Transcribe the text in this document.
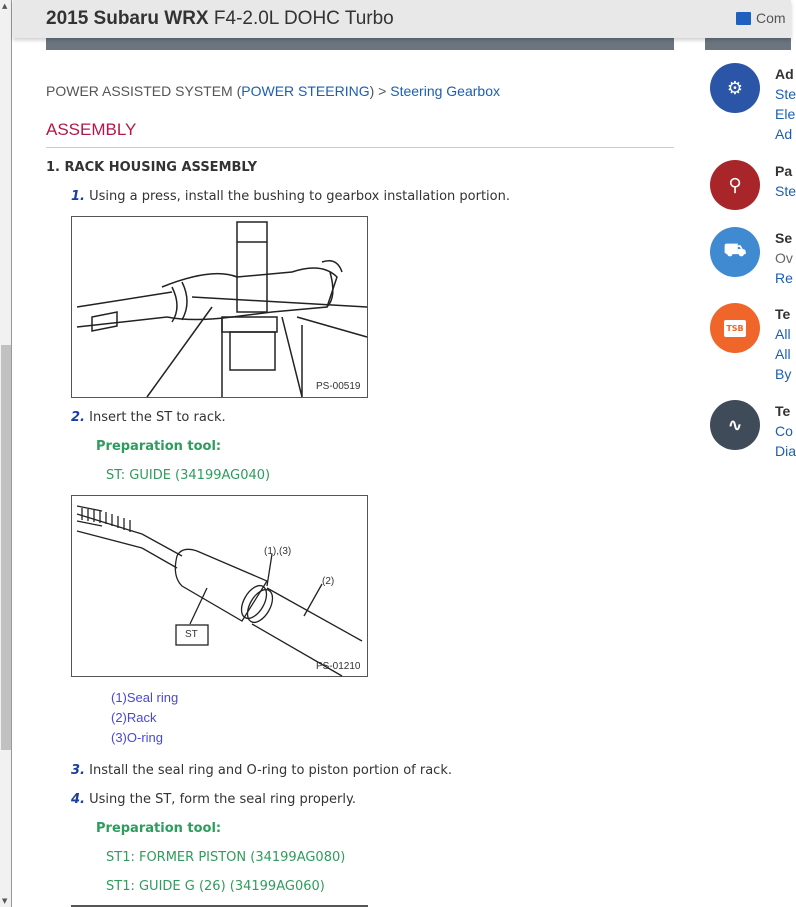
▲
▼
2015 Subaru WRX F4-2.0L DOHC Turbo	Com
POWER ASSISTED SYSTEM (POWER STEERING) > Steering Gearbox
ASSEMBLY
1. RACK HOUSING ASSEMBLY
1. Using a press, install the bushing to gearbox installation portion.
PS-00519
2. Insert the ST to rack.
Preparation tool:
ST: GUIDE (34199AG040)
(1),(3)
(2)
ST
PS-01210
(1)Seal ring
(2)Rack
(3)O-ring
3. Install the seal ring and O-ring to piston portion of rack.
4. Using the ST, form the seal ring properly.
Preparation tool:
ST1: FORMER PISTON (34199AG080)
ST1: GUIDE G (26) (34199AG060)
⚙
Ad
Ste
Ele
Ad
⚲
Pa
Ste
⛟
Se
Ov
Re
TSB
Te
All
All
By
∿
Te
Co
Dia
